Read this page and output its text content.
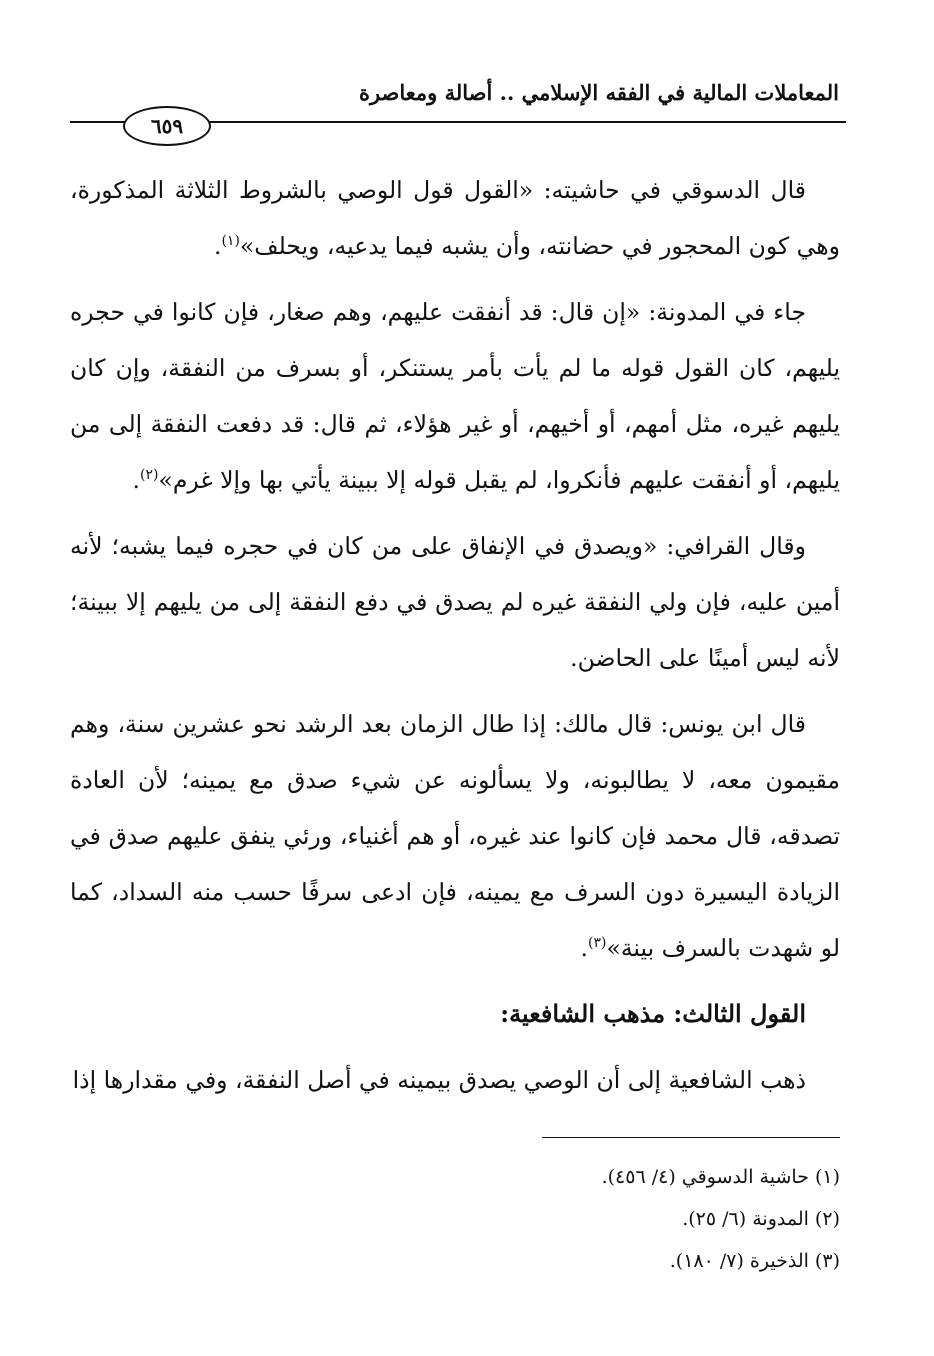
المعاملات المالية في الفقه الإسلامي .. أصالة ومعاصرة
٦٥٩

قال الدسوقي في حاشيته: «القول قول الوصي بالشروط الثلاثة المذكورة، وهي كون المحجور في حضانته، وأن يشبه فيما يدعيه، ويحلف»$^{(١)}$.

جاء في المدونة: «إن قال: قد أنفقت عليهم، وهم صغار، فإن كانوا في حجره يليهم، كان القول قوله ما لم يأت بأمر يستنكر، أو بسرف من النفقة، وإن كان يليهم غيره، مثل أمهم، أو أخيهم، أو غير هؤلاء، ثم قال: قد دفعت النفقة إلى من يليهم، أو أنفقت عليهم فأنكروا، لم يقبل قوله إلا ببينة يأتي بها وإلا غرم»$^{(٢)}$.

وقال القرافي: «ويصدق في الإنفاق على من كان في حجره فيما يشبه؛ لأنه أمين عليه، فإن ولي النفقة غيره لم يصدق في دفع النفقة إلى من يليهم إلا ببينة؛ لأنه ليس أمينًا على الحاضن.

قال ابن يونس: قال مالك: إذا طال الزمان بعد الرشد نحو عشرين سنة، وهم مقيمون معه، لا يطالبونه، ولا يسألونه عن شيء صدق مع يمينه؛ لأن العادة تصدقه، قال محمد فإن كانوا عند غيره، أو هم أغنياء، ورئي ينفق عليهم صدق في الزيادة اليسيرة دون السرف مع يمينه، فإن ادعى سرفًا حسب منه السداد، كما لو شهدت بالسرف بينة»$^{(٣)}$.

القول الثالث: مذهب الشافعية:

ذهب الشافعية إلى أن الوصي يصدق بيمينه في أصل النفقة، وفي مقدارها إذا

(١) حاشية الدسوقي (٤/ ٤٥٦).

(٢) المدونة (٦/ ٢٥).

(٣) الذخيرة (٧/ ١٨٠).
